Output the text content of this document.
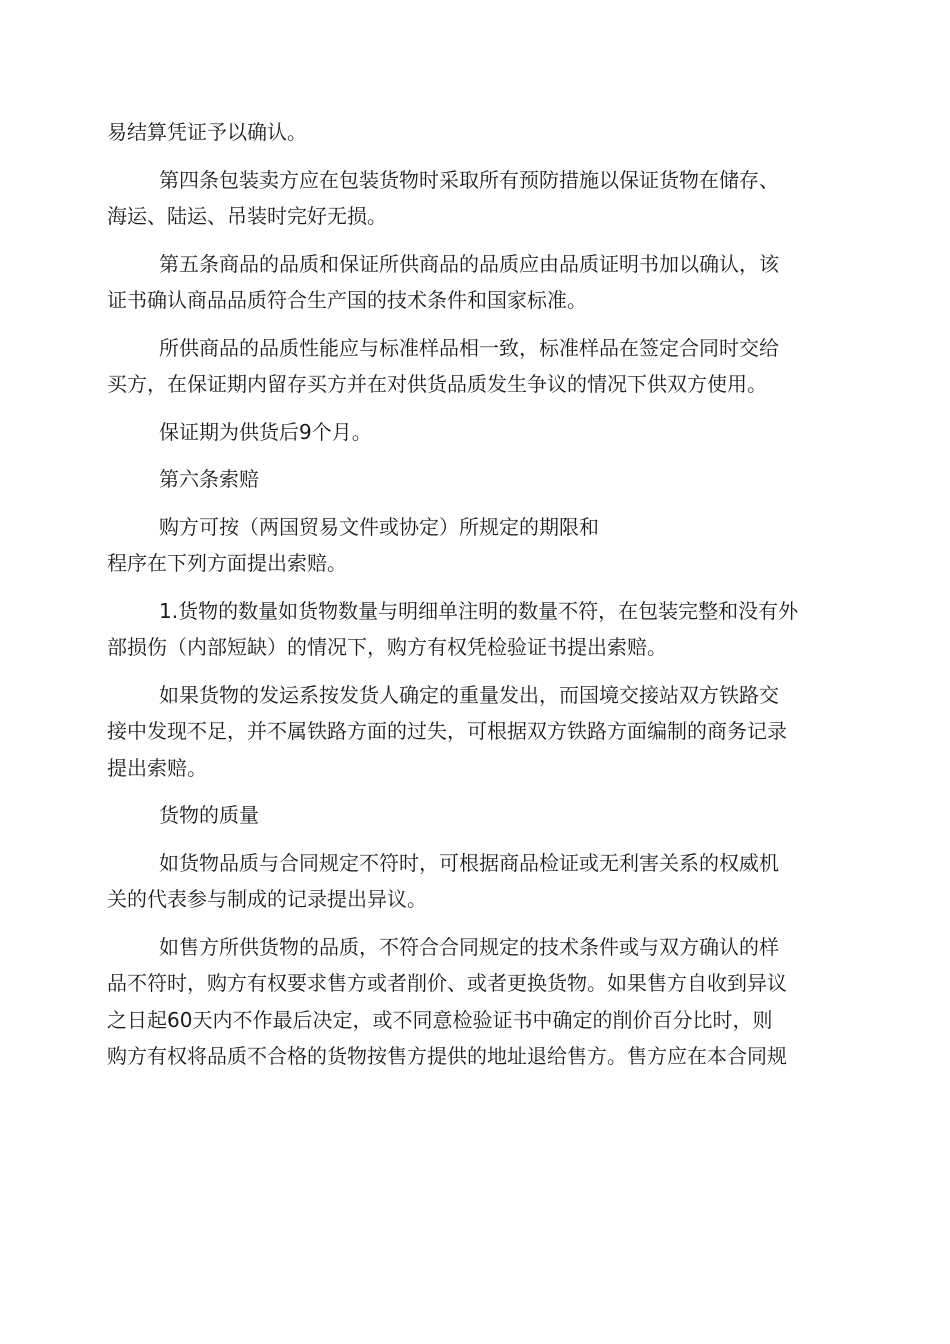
易结算凭证予以确认。
第四条包装卖方应在包装货物时采取所有预防措施以保证货物在储存、
海运、陆运、吊装时完好无损。
第五条商品的品质和保证所供商品的品质应由品质证明书加以确认，该
证书确认商品品质符合生产国的技术条件和国家标准。
所供商品的品质性能应与标准样品相一致，标准样品在签定合同时交给
买方，在保证期内留存买方并在对供货品质发生争议的情况下供双方使用。
保证期为供货后9个月。
第六条索赔
购方可按（两国贸易文件或协定）所规定的期限和
程序在下列方面提出索赔。
1.货物的数量如货物数量与明细单注明的数量不符，在包装完整和没有外
部损伤（内部短缺）的情况下，购方有权凭检验证书提出索赔。
如果货物的发运系按发货人确定的重量发出，而国境交接站双方铁路交
接中发现不足，并不属铁路方面的过失，可根据双方铁路方面编制的商务记录
提出索赔。
货物的质量
如货物品质与合同规定不符时，可根据商品检证或无利害关系的权威机
关的代表参与制成的记录提出异议。
如售方所供货物的品质，不符合合同规定的技术条件或与双方确认的样
品不符时，购方有权要求售方或者削价、或者更换货物。如果售方自收到异议
之日起60天内不作最后决定，或不同意检验证书中确定的削价百分比时，则
购方有权将品质不合格的货物按售方提供的地址退给售方。售方应在本合同规
